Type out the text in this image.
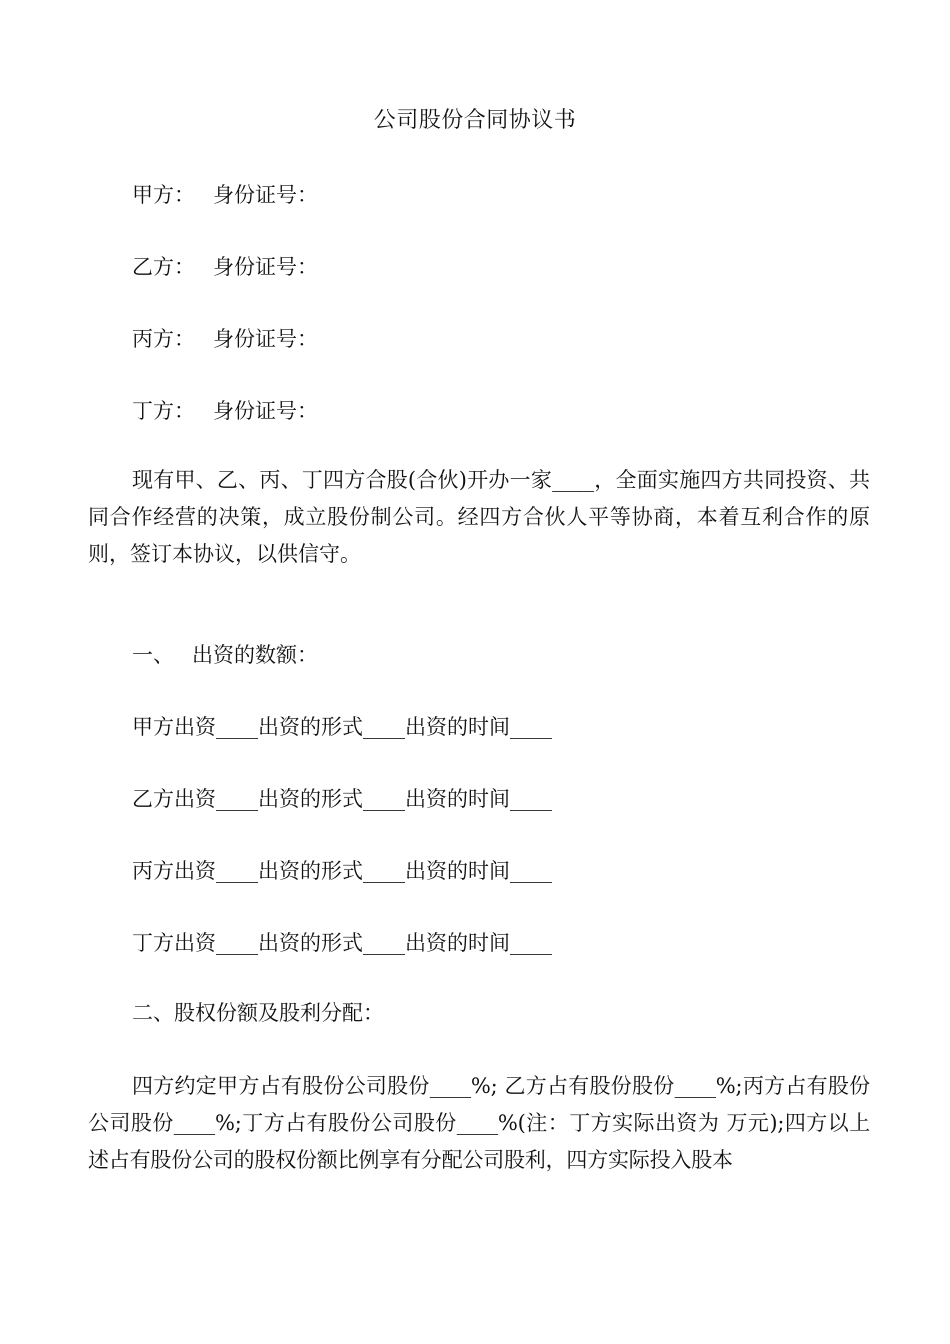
公司股份合同协议书
甲方： 身份证号：
乙方： 身份证号：
丙方： 身份证号：
丁方： 身份证号：

现有甲、乙、丙、丁四方合股(合伙)开办一家____，全面实施四方共同投资、共同合作经营的决策，成立股份制公司。经四方合伙人平等协商，本着互利合作的原则，签订本协议，以供信守。

一、 出资的数额：
甲方出资____出资的形式____出资的时间____
乙方出资____出资的形式____出资的时间____
丙方出资____出资的形式____出资的时间____
丁方出资____出资的形式____出资的时间____
二、股权份额及股利分配：

四方约定甲方占有股份公司股份____%; 乙方占有股份股份____%;丙方占有股份公司股份____%;丁方占有股份公司股份____%(注：丁方实际出资为 万元);四方以上述占有股份公司的股权份额比例享有分配公司股利，四方实际投入股本
